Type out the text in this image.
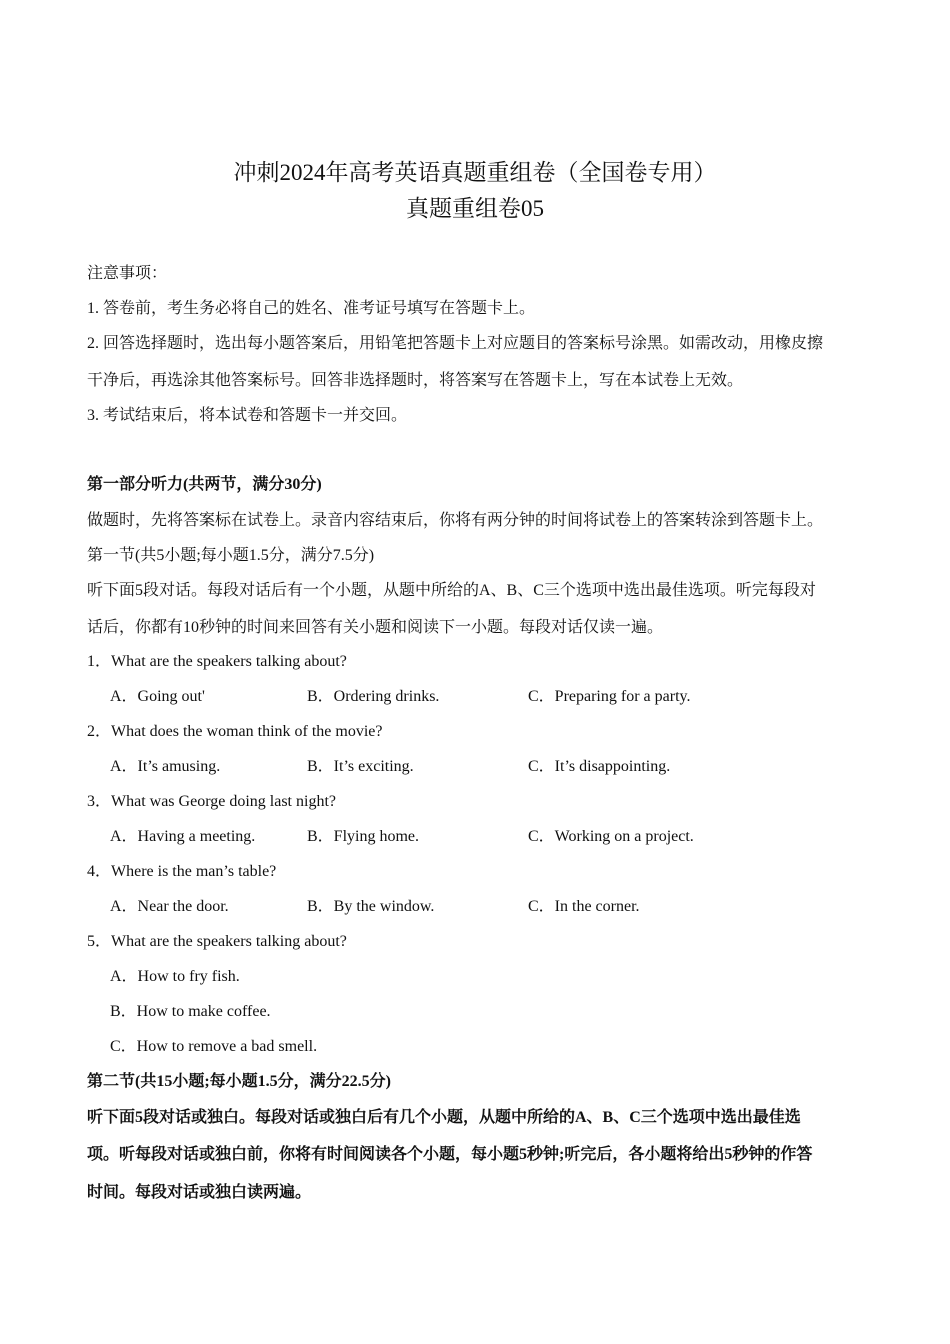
冲刺2024年高考英语真题重组卷（全国卷专用）
真题重组卷05
注意事项：
1. 答卷前，考生务必将自己的姓名、准考证号填写在答题卡上。
2. 回答选择题时，选出每小题答案后，用铅笔把答题卡上对应题目的答案标号涂黑。如需改动，用橡皮擦
干净后，再选涂其他答案标号。回答非选择题时，将答案写在答题卡上，写在本试卷上无效。
3. 考试结束后，将本试卷和答题卡一并交回。
第一部分听力(共两节，满分30分)
做题时，先将答案标在试卷上。录音内容结束后，你将有两分钟的时间将试卷上的答案转涂到答题卡上。
第一节(共5小题;每小题1.5分，满分7.5分)
听下面5段对话。每段对话后有一个小题，从题中所给的A、B、C三个选项中选出最佳选项。听完每段对
话后，你都有10秒钟的时间来回答有关小题和阅读下一小题。每段对话仅读一遍。
1．What are the speakers talking about?
A．Going out'	B．Ordering drinks.	C．Preparing for a party.
2．What does the woman think of the movie?
A．It’s amusing.	B．It’s exciting.	C．It’s disappointing.
3．What was George doing last night?
A．Having a meeting.	B．Flying home.	C．Working on a project.
4．Where is the man’s table?
A．Near the door.	B．By the window.	C．In the corner.
5．What are the speakers talking about?
A．How to fry fish.
B．How to make coffee.
C．How to remove a bad smell.
第二节(共15小题;每小题1.5分，满分22.5分)
听下面5段对话或独白。每段对话或独白后有几个小题，从题中所给的A、B、C三个选项中选出最佳选
项。听每段对话或独白前，你将有时间阅读各个小题，每小题5秒钟;听完后，各小题将给出5秒钟的作答
时间。每段对话或独白读两遍。
